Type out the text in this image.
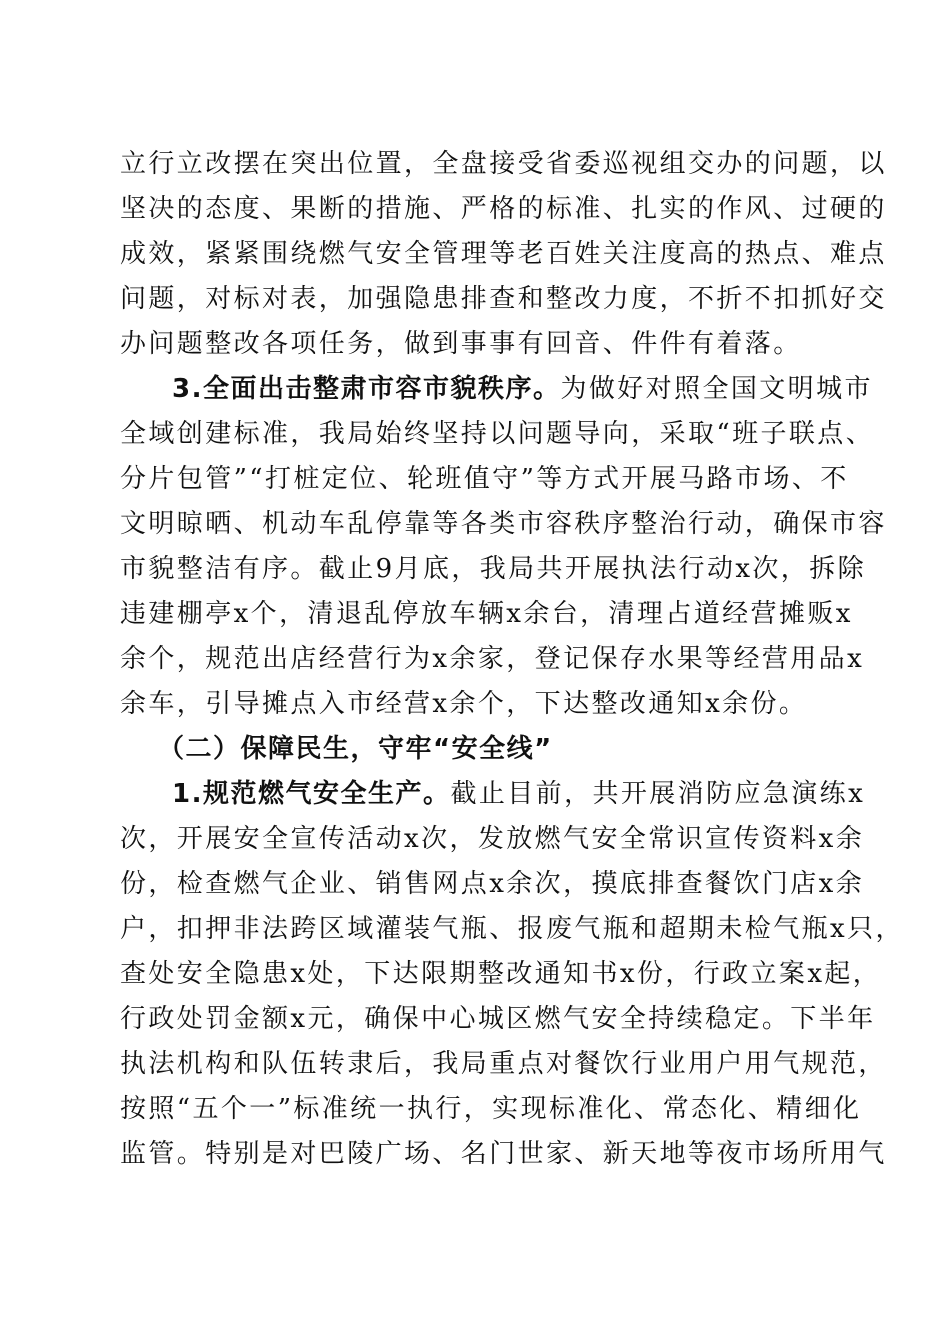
立行立改摆在突出位置，全盘接受省委巡视组交办的问题，以
坚决的态度、果断的措施、严格的标准、扎实的作风、过硬的
成效，紧紧围绕燃气安全管理等老百姓关注度高的热点、难点
问题，对标对表，加强隐患排查和整改力度，不折不扣抓好交
办问题整改各项任务，做到事事有回音、件件有着落。
3.全面出击整肃市容市貌秩序。为做好对照全国文明城市
全域创建标准，我局始终坚持以问题导向，采取“班子联点、
分片包管”“打桩定位、轮班值守”等方式开展马路市场、不
文明晾晒、机动车乱停靠等各类市容秩序整治行动，确保市容
市貌整洁有序。截止9月底，我局共开展执法行动x次，拆除
违建棚亭x个，清退乱停放车辆x余台，清理占道经营摊贩x
余个，规范出店经营行为x余家，登记保存水果等经营用品x
余车，引导摊点入市经营x余个，下达整改通知x余份。
（二）保障民生，守牢“安全线”
1.规范燃气安全生产。截止目前，共开展消防应急演练x
次，开展安全宣传活动x次，发放燃气安全常识宣传资料x余
份，检查燃气企业、销售网点x余次，摸底排查餐饮门店x余
户，扣押非法跨区域灌装气瓶、报废气瓶和超期未检气瓶x只，
查处安全隐患x处，下达限期整改通知书x份，行政立案x起，
行政处罚金额x元，确保中心城区燃气安全持续稳定。下半年
执法机构和队伍转隶后，我局重点对餐饮行业用户用气规范，
按照“五个一”标准统一执行，实现标准化、常态化、精细化
监管。特别是对巴陵广场、名门世家、新天地等夜市场所用气
